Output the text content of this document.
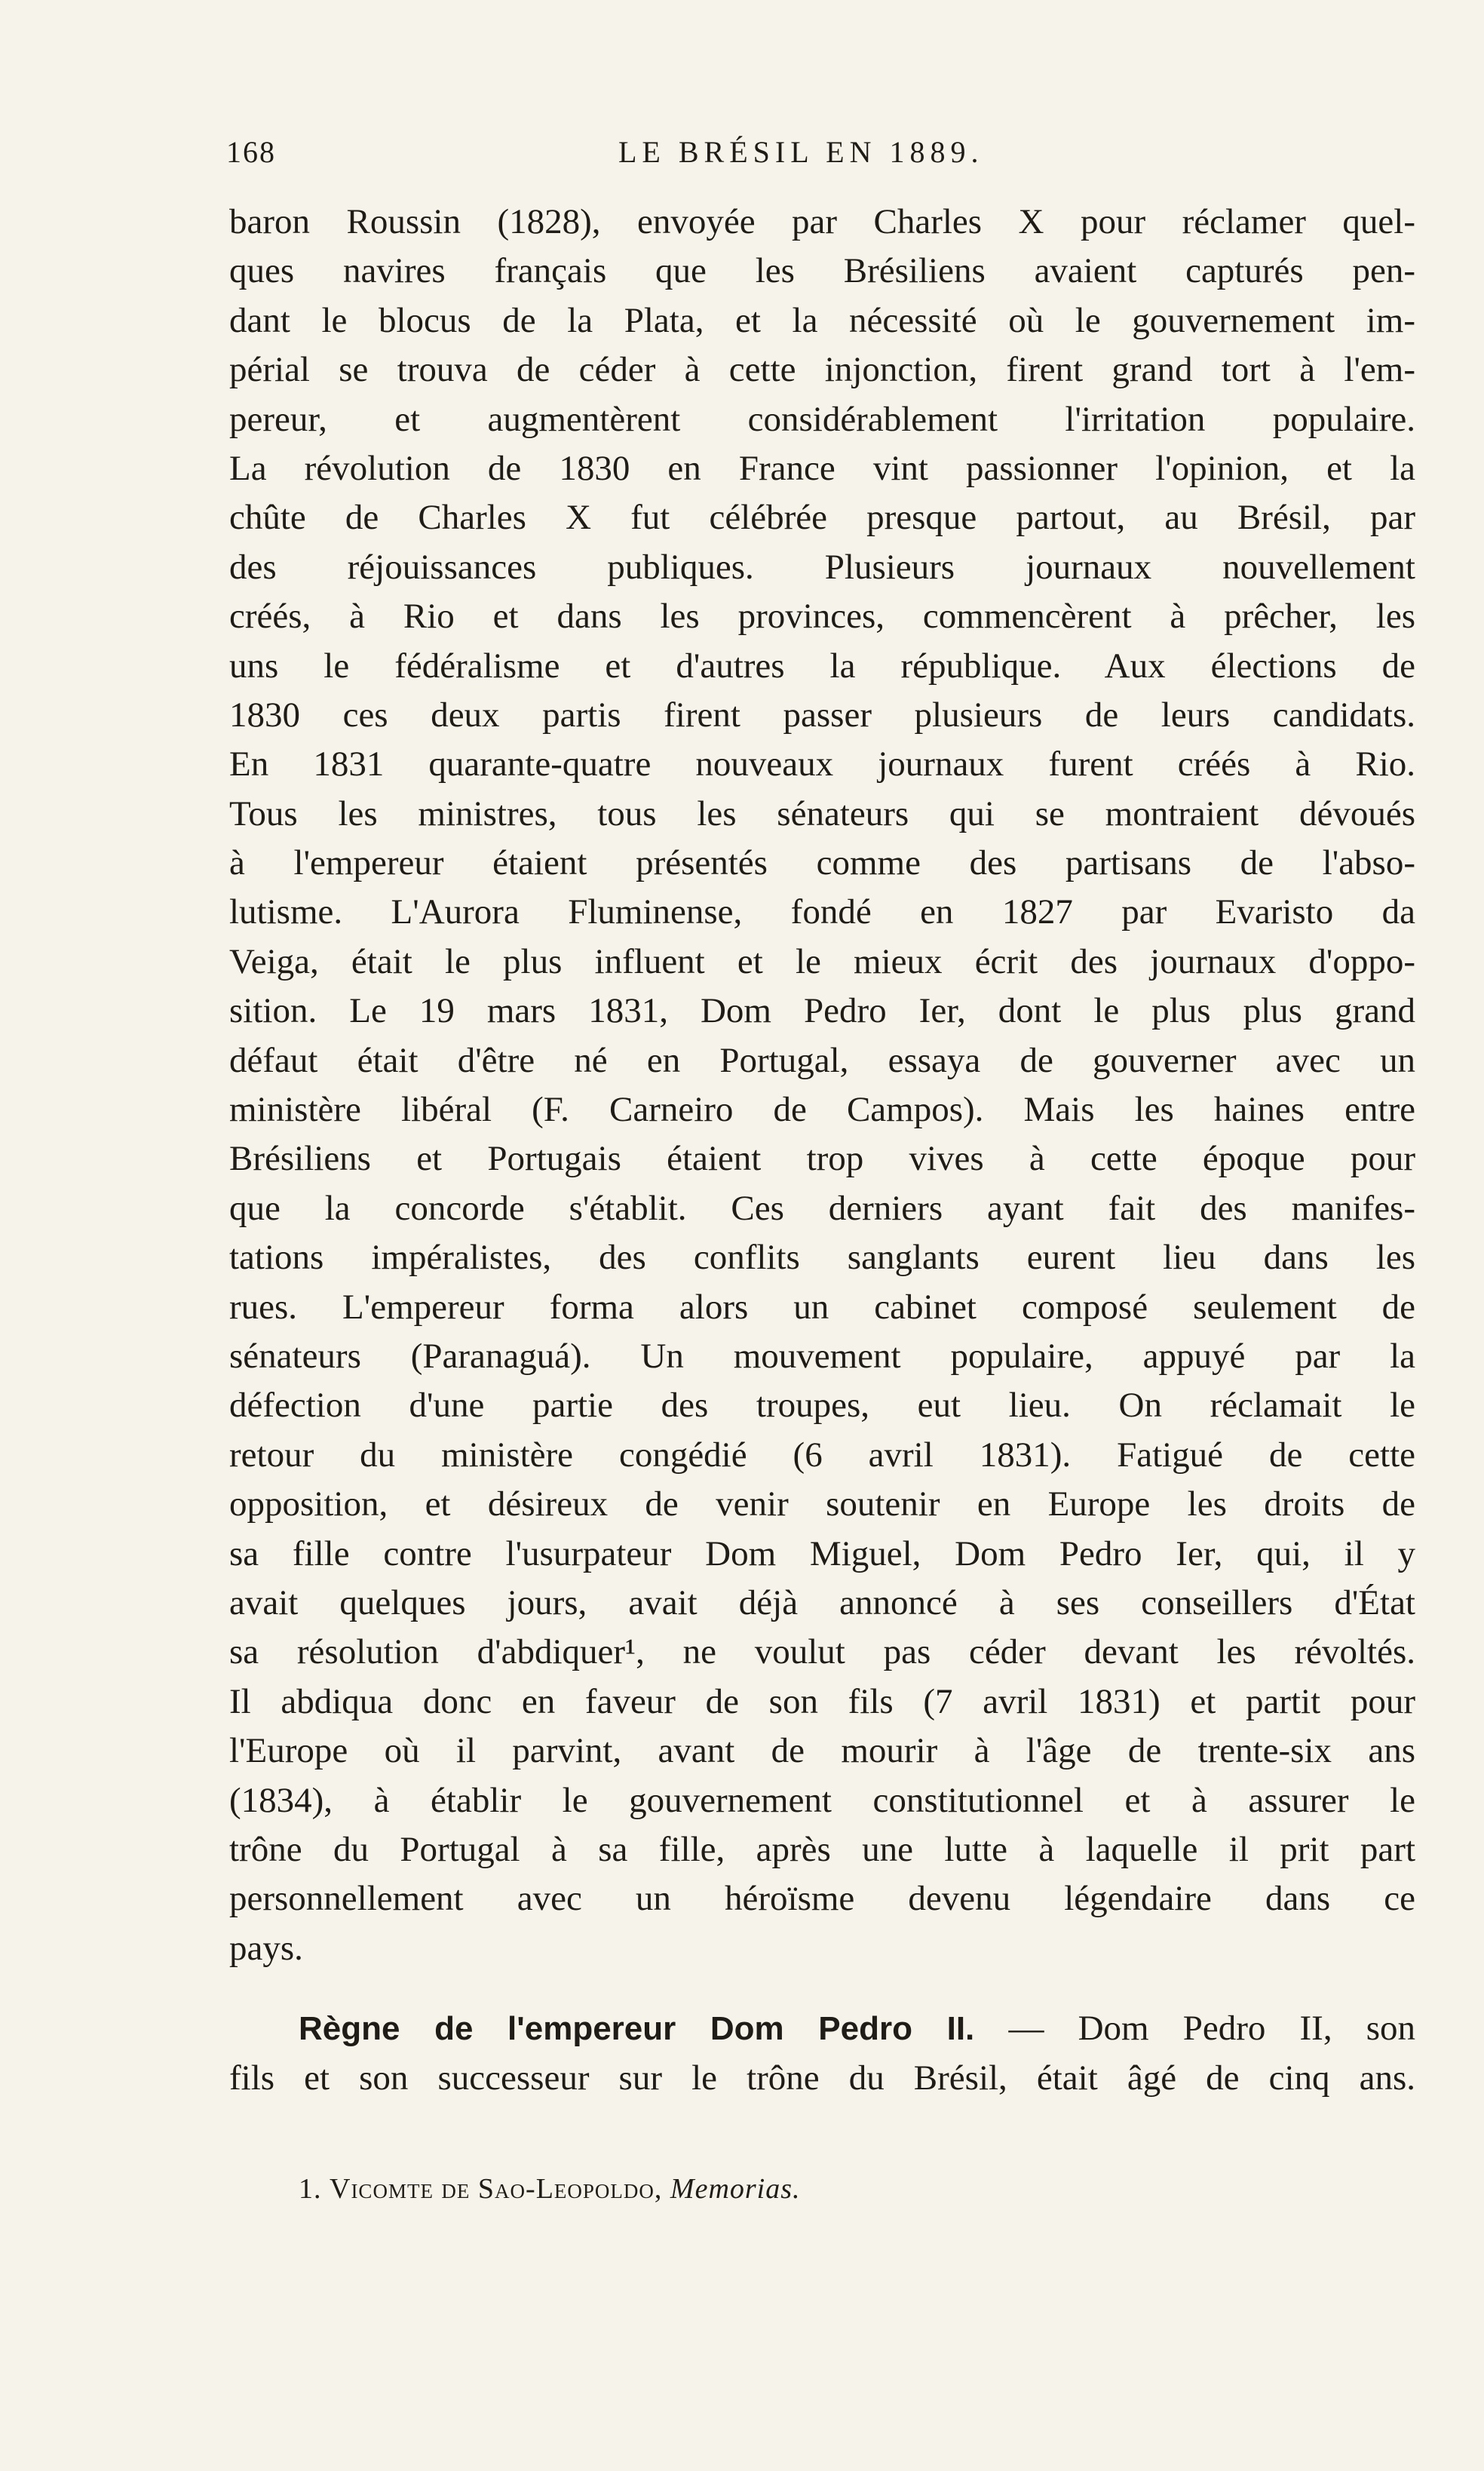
168	LE BRÉSIL EN 1889.
baron Roussin (1828), envoyée par Charles X pour réclamer quel-
ques navires français que les Brésiliens avaient capturés pen-
dant le blocus de la Plata, et la nécessité où le gouvernement im-
périal se trouva de céder à cette injonction, firent grand tort à l'em-
pereur, et augmentèrent considérablement l'irritation populaire.
La révolution de 1830 en France vint passionner l'opinion, et la
chûte de Charles X fut célébrée presque partout, au Brésil, par
des réjouissances publiques. Plusieurs journaux nouvellement
créés, à Rio et dans les provinces, commencèrent à prêcher, les
uns le fédéralisme et d'autres la république. Aux élections de
1830 ces deux partis firent passer plusieurs de leurs candidats.
En 1831 quarante-quatre nouveaux journaux furent créés à Rio.
Tous les ministres, tous les sénateurs qui se montraient dévoués
à l'empereur étaient présentés comme des partisans de l'abso-
lutisme. L'Aurora Fluminense, fondé en 1827 par Evaristo da
Veiga, était le plus influent et le mieux écrit des journaux d'oppo-
sition. Le 19 mars 1831, Dom Pedro Ier, dont le plus plus grand
défaut était d'être né en Portugal, essaya de gouverner avec un
ministère libéral (F. Carneiro de Campos). Mais les haines entre
Brésiliens et Portugais étaient trop vives à cette époque pour
que la concorde s'établit. Ces derniers ayant fait des manifes-
tations impéralistes, des conflits sanglants eurent lieu dans les
rues. L'empereur forma alors un cabinet composé seulement de
sénateurs (Paranaguá). Un mouvement populaire, appuyé par la
défection d'une partie des troupes, eut lieu. On réclamait le
retour du ministère congédié (6 avril 1831). Fatigué de cette
opposition, et désireux de venir soutenir en Europe les droits de
sa fille contre l'usurpateur Dom Miguel, Dom Pedro Ier, qui, il y
avait quelques jours, avait déjà annoncé à ses conseillers d'État
sa résolution d'abdiquer¹, ne voulut pas céder devant les révoltés.
Il abdiqua donc en faveur de son fils (7 avril 1831) et partit pour
l'Europe où il parvint, avant de mourir à l'âge de trente-six ans
(1834), à établir le gouvernement constitutionnel et à assurer le
trône du Portugal à sa fille, après une lutte à laquelle il prit part
personnellement avec un héroïsme devenu légendaire dans ce
pays.
Règne de l'empereur Dom Pedro II. — Dom Pedro II, son
fils et son successeur sur le trône du Brésil, était âgé de cinq ans.
1. Vicomte de Sao-Leopoldo, Memorias.
